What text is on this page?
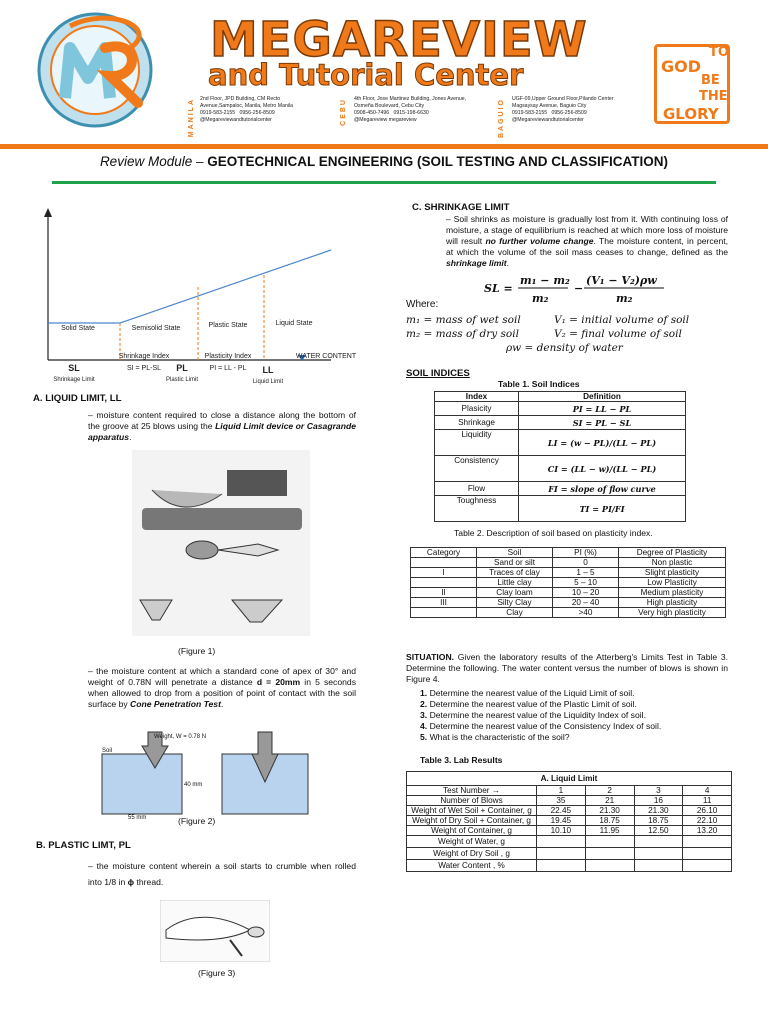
MEGAREVIEW
and Tutorial Center
MANILA 2nd Floor, JPD Building, CM Recto Avenue,Sampaloc, Manila, Metro Manila
0919-583-2155 0956-256-8509
@Megareviewandtutorialcenter	CEBU 4th Floor, Jose Martinez Building, Jones Avenue, Osmeña Boulevard, Cebu City
0908-450-7496 0915-198-6630
@Megareview megareview	BAGUIO UGF-09,Upper Ground Floor,Pilando Center Magsaysay Avenue, Baguio City
0919-583-2155 0956-256-8509
@Megareviewandtutorialcenter
TO
GOD
BE
THE
GLORY
Review Module – GEOTECHNICAL ENGINEERING (SOIL TESTING AND CLASSIFICATION)
Solid State	Semisolid State	Plastic State	Liquid State
Shrinkage Index
SI = PL-SL
Plasticity Index
PI = LL - PL
WATER CONTENT
SL
Shrinkage Limit
PL
Plastic Limit
LL
Liquid Limit
A. LIQUID LIMIT, LL
– moisture content required to close a distance along the bottom of the groove at 25 blows using the Liquid Limit device or Casagrande apparatus.
(Figure 1)
– the moisture content at which a standard cone of apex of 30° and weight of 0.78N will penetrate a distance d = 20mm in 5 seconds when allowed to drop from a position of point of contact with the soil surface by Cone Penetration Test.
Weight, W = 0.78 N
Soil
40 mm
55 mm	(Figure 2)
B. PLASTIC LIMT, PL
– the moisture content wherein a soil starts to crumble when rolled into 1/8 in ϕ thread.
(Figure 3)
C. SHRINKAGE LIMIT
– Soil shrinks as moisture is gradually lost from it. With continuing loss of moisture, a stage of equilibrium is reached at which more loss of moisture will result no further volume change. The moisture content, in percent, at which the volume of the soil mass ceases to change, defined as the shrinkage limit.
SL =
m₁ − m₂
m₂
−
(V₁ − V₂)ρw
m₂
Where:
m₁ = mass of wet soil	V₁ = initial volume of soil
m₂ = mass of dry soil	V₂ = final volume of soil
ρw = density of water
SOIL INDICES
Table 1. Soil Indices
Index	Definition
Plasicity	PI = LL − PL
Shrinkage	SI = PL − SL
Liquidity	LI = (w − PL)/(LL − PL)
Consistency	CI = (LL − w)/(LL − PL)
Flow	FI = slope of flow curve
Toughness	TI = PI/FI
Table 2. Description of soil based on plasticity index.
Category	Soil	PI (%)	Degree of Plasticity
	Sand or silt	0	Non plastic
I	Traces of clay	1 – 5	Slight plasticity
	Little clay	5 – 10	Low Plasticity
II	Clay loam	10 – 20	Medium plasticity
III	Silty Clay	20 – 40	High plasticity
	Clay	>40	Very high plasticity
SITUATION. Given the laboratory results of the Atterberg's Limits Test in Table 3. Determine the following. The water content versus the number of blows is shown in Figure 4.
1. Determine the nearest value of the Liquid Limit of soil.
2. Determine the nearest value of the Plastic Limit of soil.
3. Determine the nearest value of the Liquidity Index of soil.
4. Determine the nearest value of the Consistency Index of soil.
5. What is the characteristic of the soil?
Table 3. Lab Results
A. Liquid Limit				
Test Number →	1	2	3	4
Number of Blows	35	21	16	11
Weight of Wet Soil + Container, g	22.45	21.30	21.30	26.10
Weight of Dry Soil + Container, g	19.45	18.75	18.75	22.10
Weight of Container, g	10.10	11.95	12.50	13.20
Weight of Water, g				
Weight of Dry Soil , g				
Water Content , %				
